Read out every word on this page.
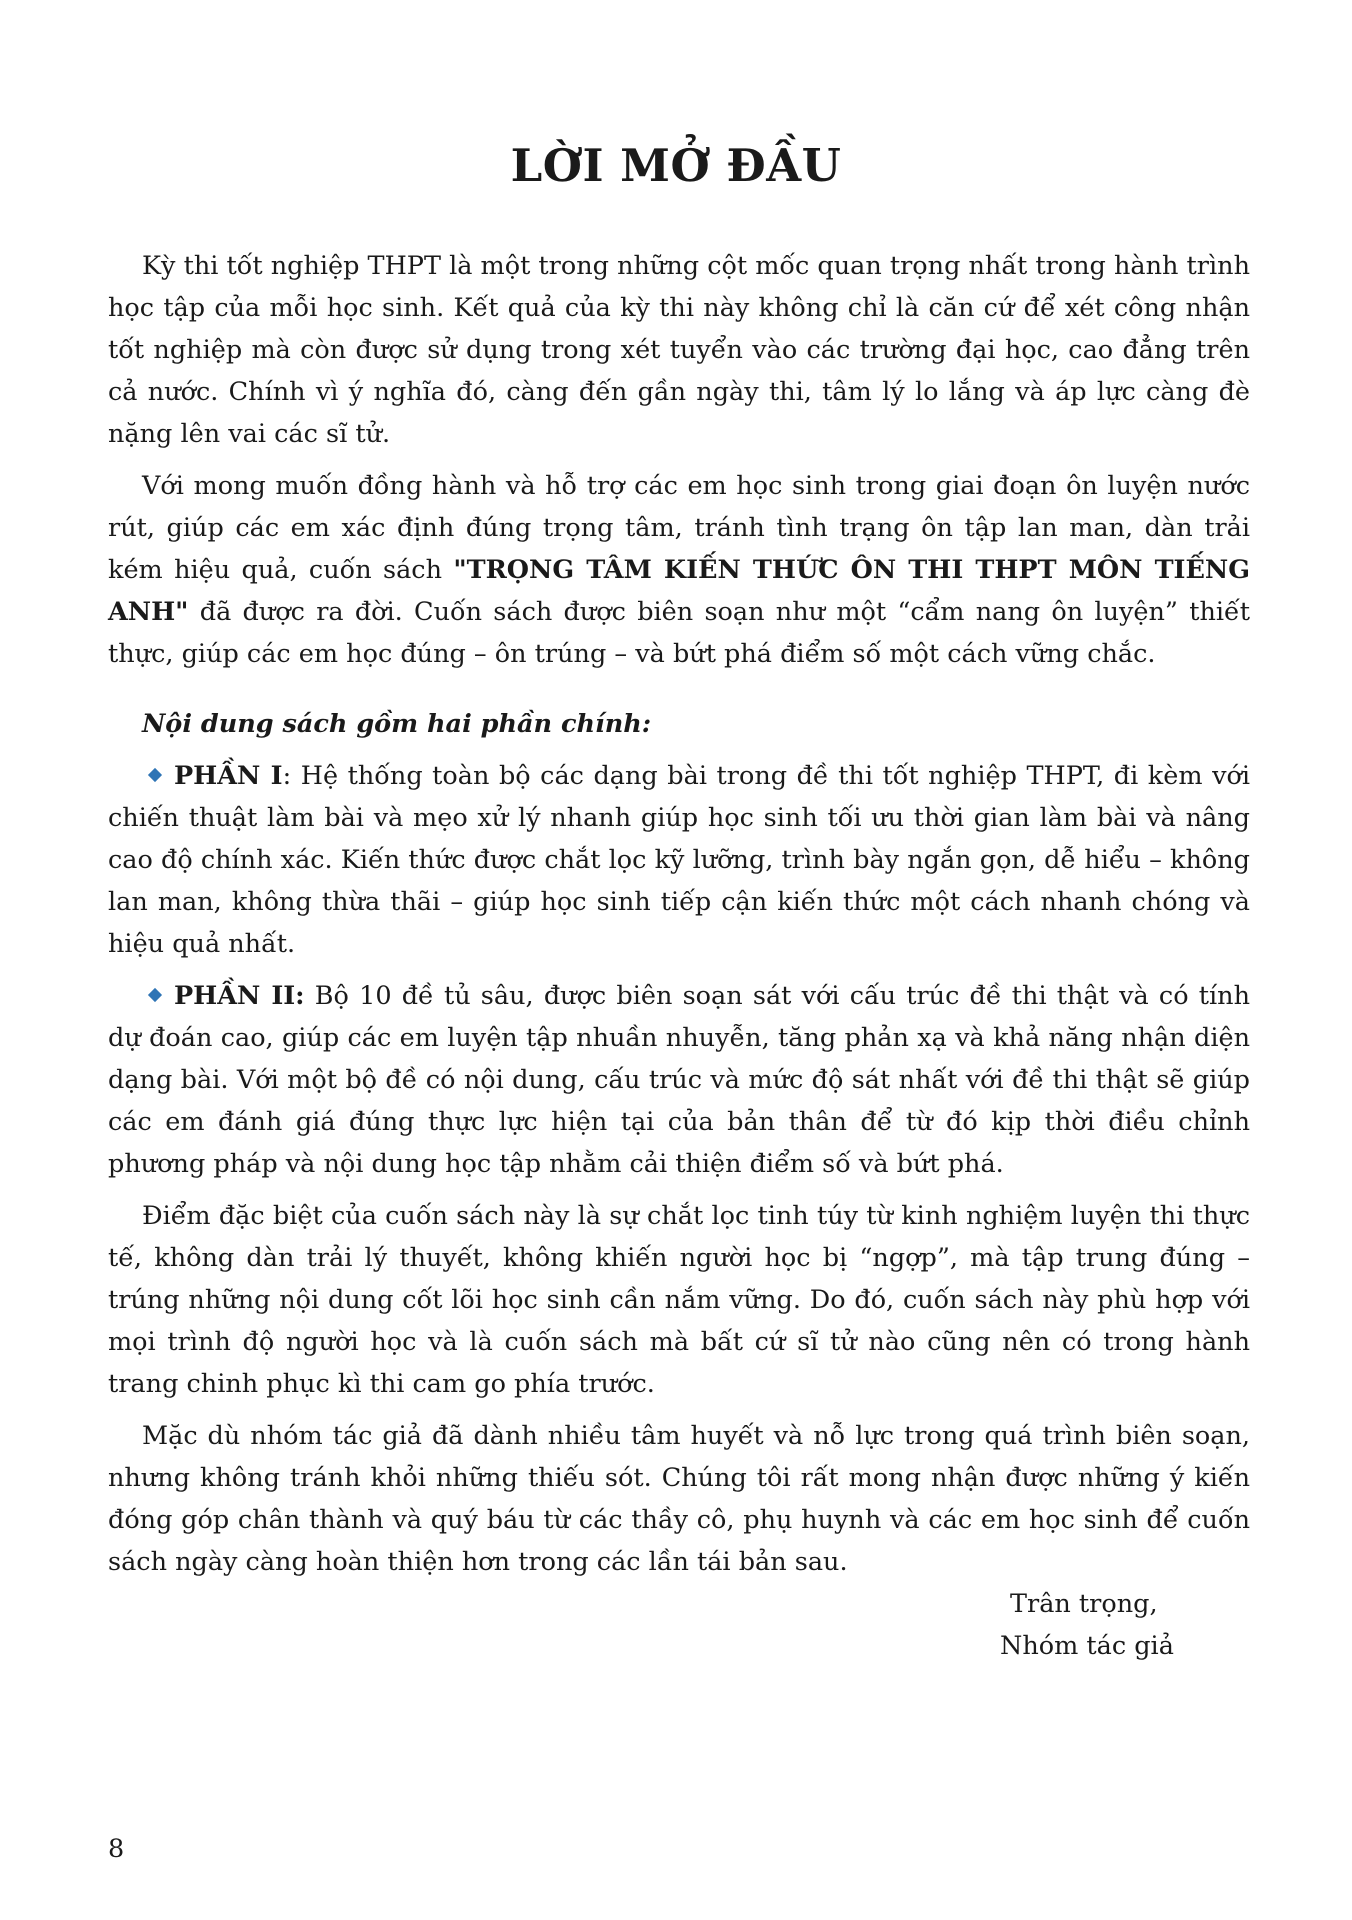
LỜI MỞ ĐẦU

Kỳ thi tốt nghiệp THPT là một trong những cột mốc quan trọng nhất trong hành trình học tập của mỗi học sinh. Kết quả của kỳ thi này không chỉ là căn cứ để xét công nhận tốt nghiệp mà còn được sử dụng trong xét tuyển vào các trường đại học, cao đẳng trên cả nước. Chính vì ý nghĩa đó, càng đến gần ngày thi, tâm lý lo lắng và áp lực càng đè nặng lên vai các sĩ tử.

Với mong muốn đồng hành và hỗ trợ các em học sinh trong giai đoạn ôn luyện nước rút, giúp các em xác định đúng trọng tâm, tránh tình trạng ôn tập lan man, dàn trải kém hiệu quả, cuốn sách "TRỌNG TÂM KIẾN THỨC ÔN THI THPT MÔN TIẾNG ANH" đã được ra đời. Cuốn sách được biên soạn như một “cẩm nang ôn luyện” thiết thực, giúp các em học đúng – ôn trúng – và bứt phá điểm số một cách vững chắc.

Nội dung sách gồm hai phần chính:

PHẦN I: Hệ thống toàn bộ các dạng bài trong đề thi tốt nghiệp THPT, đi kèm với chiến thuật làm bài và mẹo xử lý nhanh giúp học sinh tối ưu thời gian làm bài và nâng cao độ chính xác. Kiến thức được chắt lọc kỹ lưỡng, trình bày ngắn gọn, dễ hiểu – không lan man, không thừa thãi – giúp học sinh tiếp cận kiến thức một cách nhanh chóng và hiệu quả nhất.

PHẦN II: Bộ 10 đề tủ sâu, được biên soạn sát với cấu trúc đề thi thật và có tính dự đoán cao, giúp các em luyện tập nhuần nhuyễn, tăng phản xạ và khả năng nhận diện dạng bài. Với một bộ đề có nội dung, cấu trúc và mức độ sát nhất với đề thi thật sẽ giúp các em đánh giá đúng thực lực hiện tại của bản thân để từ đó kịp thời điều chỉnh phương pháp và nội dung học tập nhằm cải thiện điểm số và bứt phá.

Điểm đặc biệt của cuốn sách này là sự chắt lọc tinh túy từ kinh nghiệm luyện thi thực tế, không dàn trải lý thuyết, không khiến người học bị “ngợp”, mà tập trung đúng – trúng những nội dung cốt lõi học sinh cần nắm vững. Do đó, cuốn sách này phù hợp với mọi trình độ người học và là cuốn sách mà bất cứ sĩ tử nào cũng nên có trong hành trang chinh phục kì thi cam go phía trước.

Mặc dù nhóm tác giả đã dành nhiều tâm huyết và nỗ lực trong quá trình biên soạn, nhưng không tránh khỏi những thiếu sót. Chúng tôi rất mong nhận được những ý kiến đóng góp chân thành và quý báu từ các thầy cô, phụ huynh và các em học sinh để cuốn sách ngày càng hoàn thiện hơn trong các lần tái bản sau.

Trân trọng,
Nhóm tác giả
8
